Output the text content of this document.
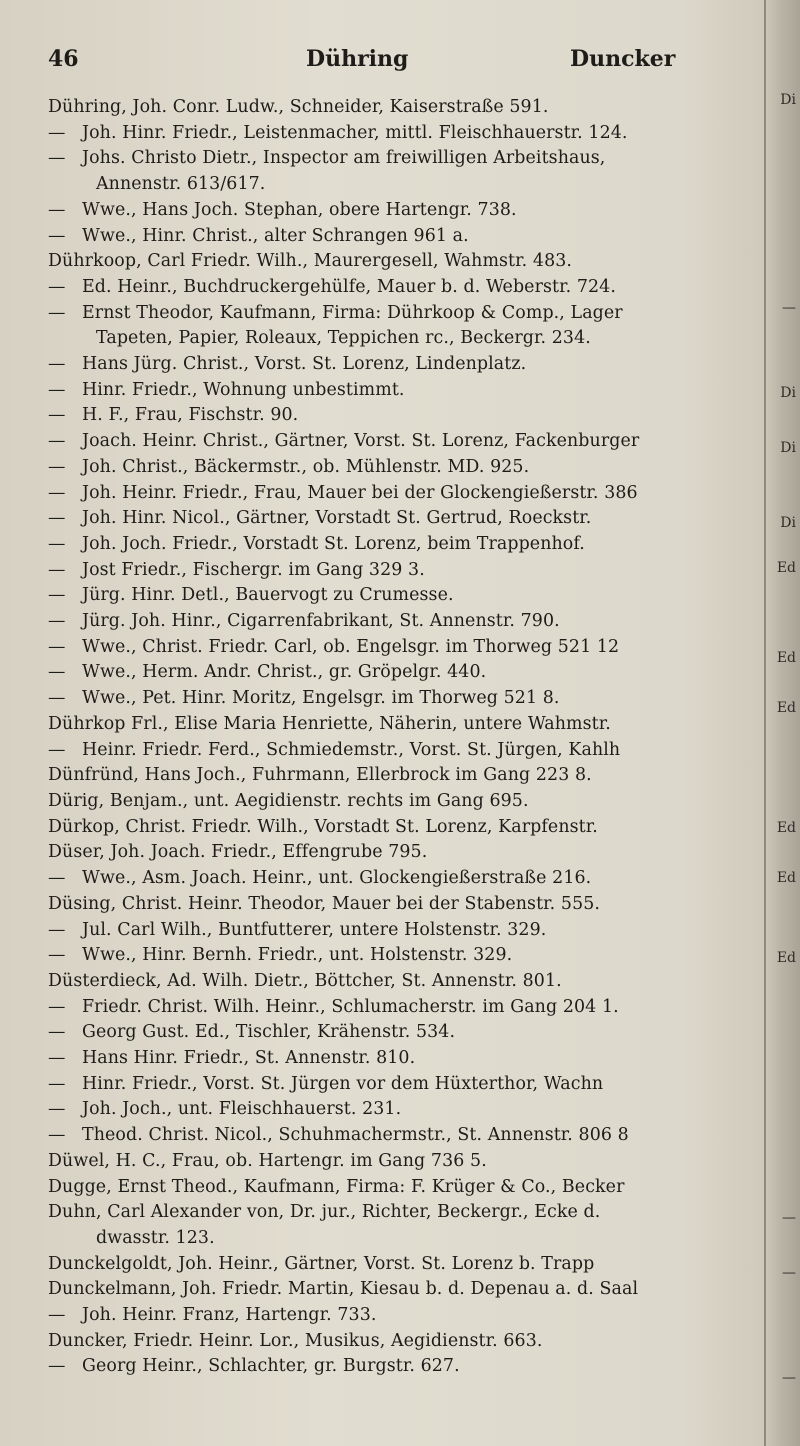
46	Dühring	Duncker
Dühring, Joh. Conr. Ludw., Schneider, Kaiserstraße 591.
— Joh. Hinr. Friedr., Leistenmacher, mittl. Fleischhauerstr. 124.
— Johs. Christo Dietr., Inspector am freiwilligen Arbeitshaus,
Annenstr. 613/617.
— Wwe., Hans Joch. Stephan, obere Hartengr. 738.
— Wwe., Hinr. Christ., alter Schrangen 961 a.
Dührkoop, Carl Friedr. Wilh., Maurergesell, Wahmstr. 483.
— Ed. Heinr., Buchdruckergehülfe, Mauer b. d. Weberstr. 724.
— Ernst Theodor, Kaufmann, Firma: Dührkoop & Comp., Lager
Tapeten, Papier, Roleaux, Teppichen rc., Beckergr. 234.
— Hans Jürg. Christ., Vorst. St. Lorenz, Lindenplatz.
— Hinr. Friedr., Wohnung unbestimmt.
— H. F., Frau, Fischstr. 90.
— Joach. Heinr. Christ., Gärtner, Vorst. St. Lorenz, Fackenburger
— Joh. Christ., Bäckermstr., ob. Mühlenstr. MD. 925.
— Joh. Heinr. Friedr., Frau, Mauer bei der Glockengießerstr. 386
— Joh. Hinr. Nicol., Gärtner, Vorstadt St. Gertrud, Roeckstr.
— Joh. Joch. Friedr., Vorstadt St. Lorenz, beim Trappenhof.
— Jost Friedr., Fischergr. im Gang 329 3.
— Jürg. Hinr. Detl., Bauervogt zu Crumesse.
— Jürg. Joh. Hinr., Cigarrenfabrikant, St. Annenstr. 790.
— Wwe., Christ. Friedr. Carl, ob. Engelsgr. im Thorweg 521 12
— Wwe., Herm. Andr. Christ., gr. Gröpelgr. 440.
— Wwe., Pet. Hinr. Moritz, Engelsgr. im Thorweg 521 8.
Dührkop Frl., Elise Maria Henriette, Näherin, untere Wahmstr.
— Heinr. Friedr. Ferd., Schmiedemstr., Vorst. St. Jürgen, Kahlh
Dünfründ, Hans Joch., Fuhrmann, Ellerbrock im Gang 223 8.
Dürig, Benjam., unt. Aegidienstr. rechts im Gang 695.
Dürkop, Christ. Friedr. Wilh., Vorstadt St. Lorenz, Karpfenstr.
Düser, Joh. Joach. Friedr., Effengrube 795.
— Wwe., Asm. Joach. Heinr., unt. Glockengießerstraße 216.
Düsing, Christ. Heinr. Theodor, Mauer bei der Stabenstr. 555.
— Jul. Carl Wilh., Buntfutterer, untere Holstenstr. 329.
— Wwe., Hinr. Bernh. Friedr., unt. Holstenstr. 329.
Düsterdieck, Ad. Wilh. Dietr., Böttcher, St. Annenstr. 801.
— Friedr. Christ. Wilh. Heinr., Schlumacherstr. im Gang 204 1.
— Georg Gust. Ed., Tischler, Krähenstr. 534.
— Hans Hinr. Friedr., St. Annenstr. 810.
— Hinr. Friedr., Vorst. St. Jürgen vor dem Hüxterthor, Wachn
— Joh. Joch., unt. Fleischhauerst. 231.
— Theod. Christ. Nicol., Schuhmachermstr., St. Annenstr. 806 8
Düwel, H. C., Frau, ob. Hartengr. im Gang 736 5.
Dugge, Ernst Theod., Kaufmann, Firma: F. Krüger & Co., Becker
Duhn, Carl Alexander von, Dr. jur., Richter, Beckergr., Ecke d.
dwasstr. 123.
Dunckelgoldt, Joh. Heinr., Gärtner, Vorst. St. Lorenz b. Trapp
Dunckelmann, Joh. Friedr. Martin, Kiesau b. d. Depenau a. d. Saal
— Joh. Heinr. Franz, Hartengr. 733.
Duncker, Friedr. Heinr. Lor., Musikus, Aegidienstr. 663.
— Georg Heinr., Schlachter, gr. Burgstr. 627.
Di
—
Di
Di
Di
Ed
Ed
Ed
Ed
Ed
Ed
—
—
—
